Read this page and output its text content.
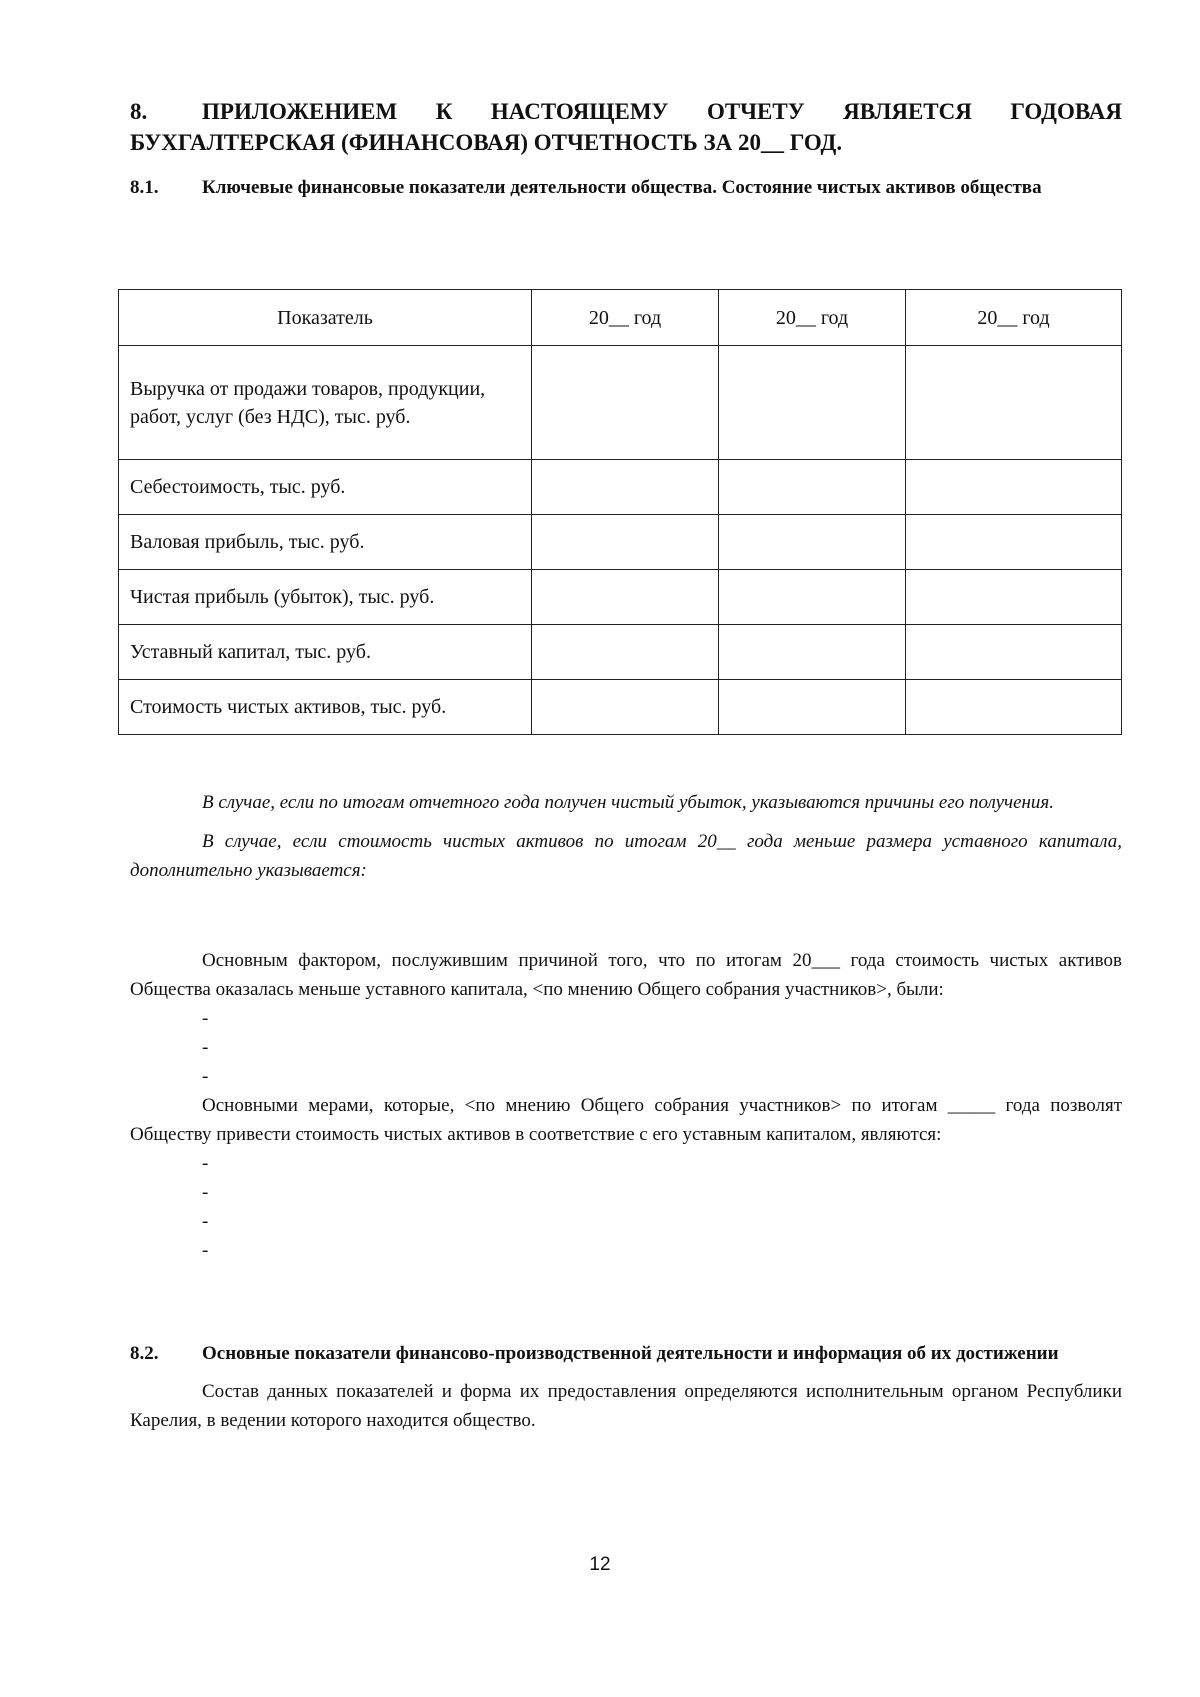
8. ПРИЛОЖЕНИЕМ К НАСТОЯЩЕМУ ОТЧЕТУ ЯВЛЯЕТСЯ ГОДОВАЯ БУХГАЛТЕРСКАЯ (ФИНАНСОВАЯ) ОТЧЕТНОСТЬ ЗА 20__ ГОД.

8.1. Ключевые финансовые показатели деятельности общества. Состояние чистых активов общества

Показатель	20__ год	20__ год	20__ год
Выручка от продажи товаров, продукции, работ, услуг (без НДС), тыс. руб.			
Себестоимость, тыс. руб.			
Валовая прибыль, тыс. руб.			
Чистая прибыль (убыток), тыс. руб.			
Уставный капитал, тыс. руб.			
Стоимость чистых активов, тыс. руб.			

В случае, если по итогам отчетного года получен чистый убыток, указываются причины его получения.

В случае, если стоимость чистых активов по итогам 20__ года меньше размера уставного капитала, дополнительно указывается:

Основным фактором, послужившим причиной того, что по итогам 20___ года стоимость чистых активов Общества оказалась меньше уставного капитала, <по мнению Общего собрания участников>, были:

-

-

-

Основными мерами, которые, <по мнению Общего собрания участников> по итогам _____ года позволят Обществу привести стоимость чистых активов в соответствие с его уставным капиталом, являются:

-

-

-

-

8.2. Основные показатели финансово-производственной деятельности и информация об их достижении

Состав данных показателей и форма их предоставления определяются исполнительным органом Республики Карелия, в ведении которого находится общество.

12
